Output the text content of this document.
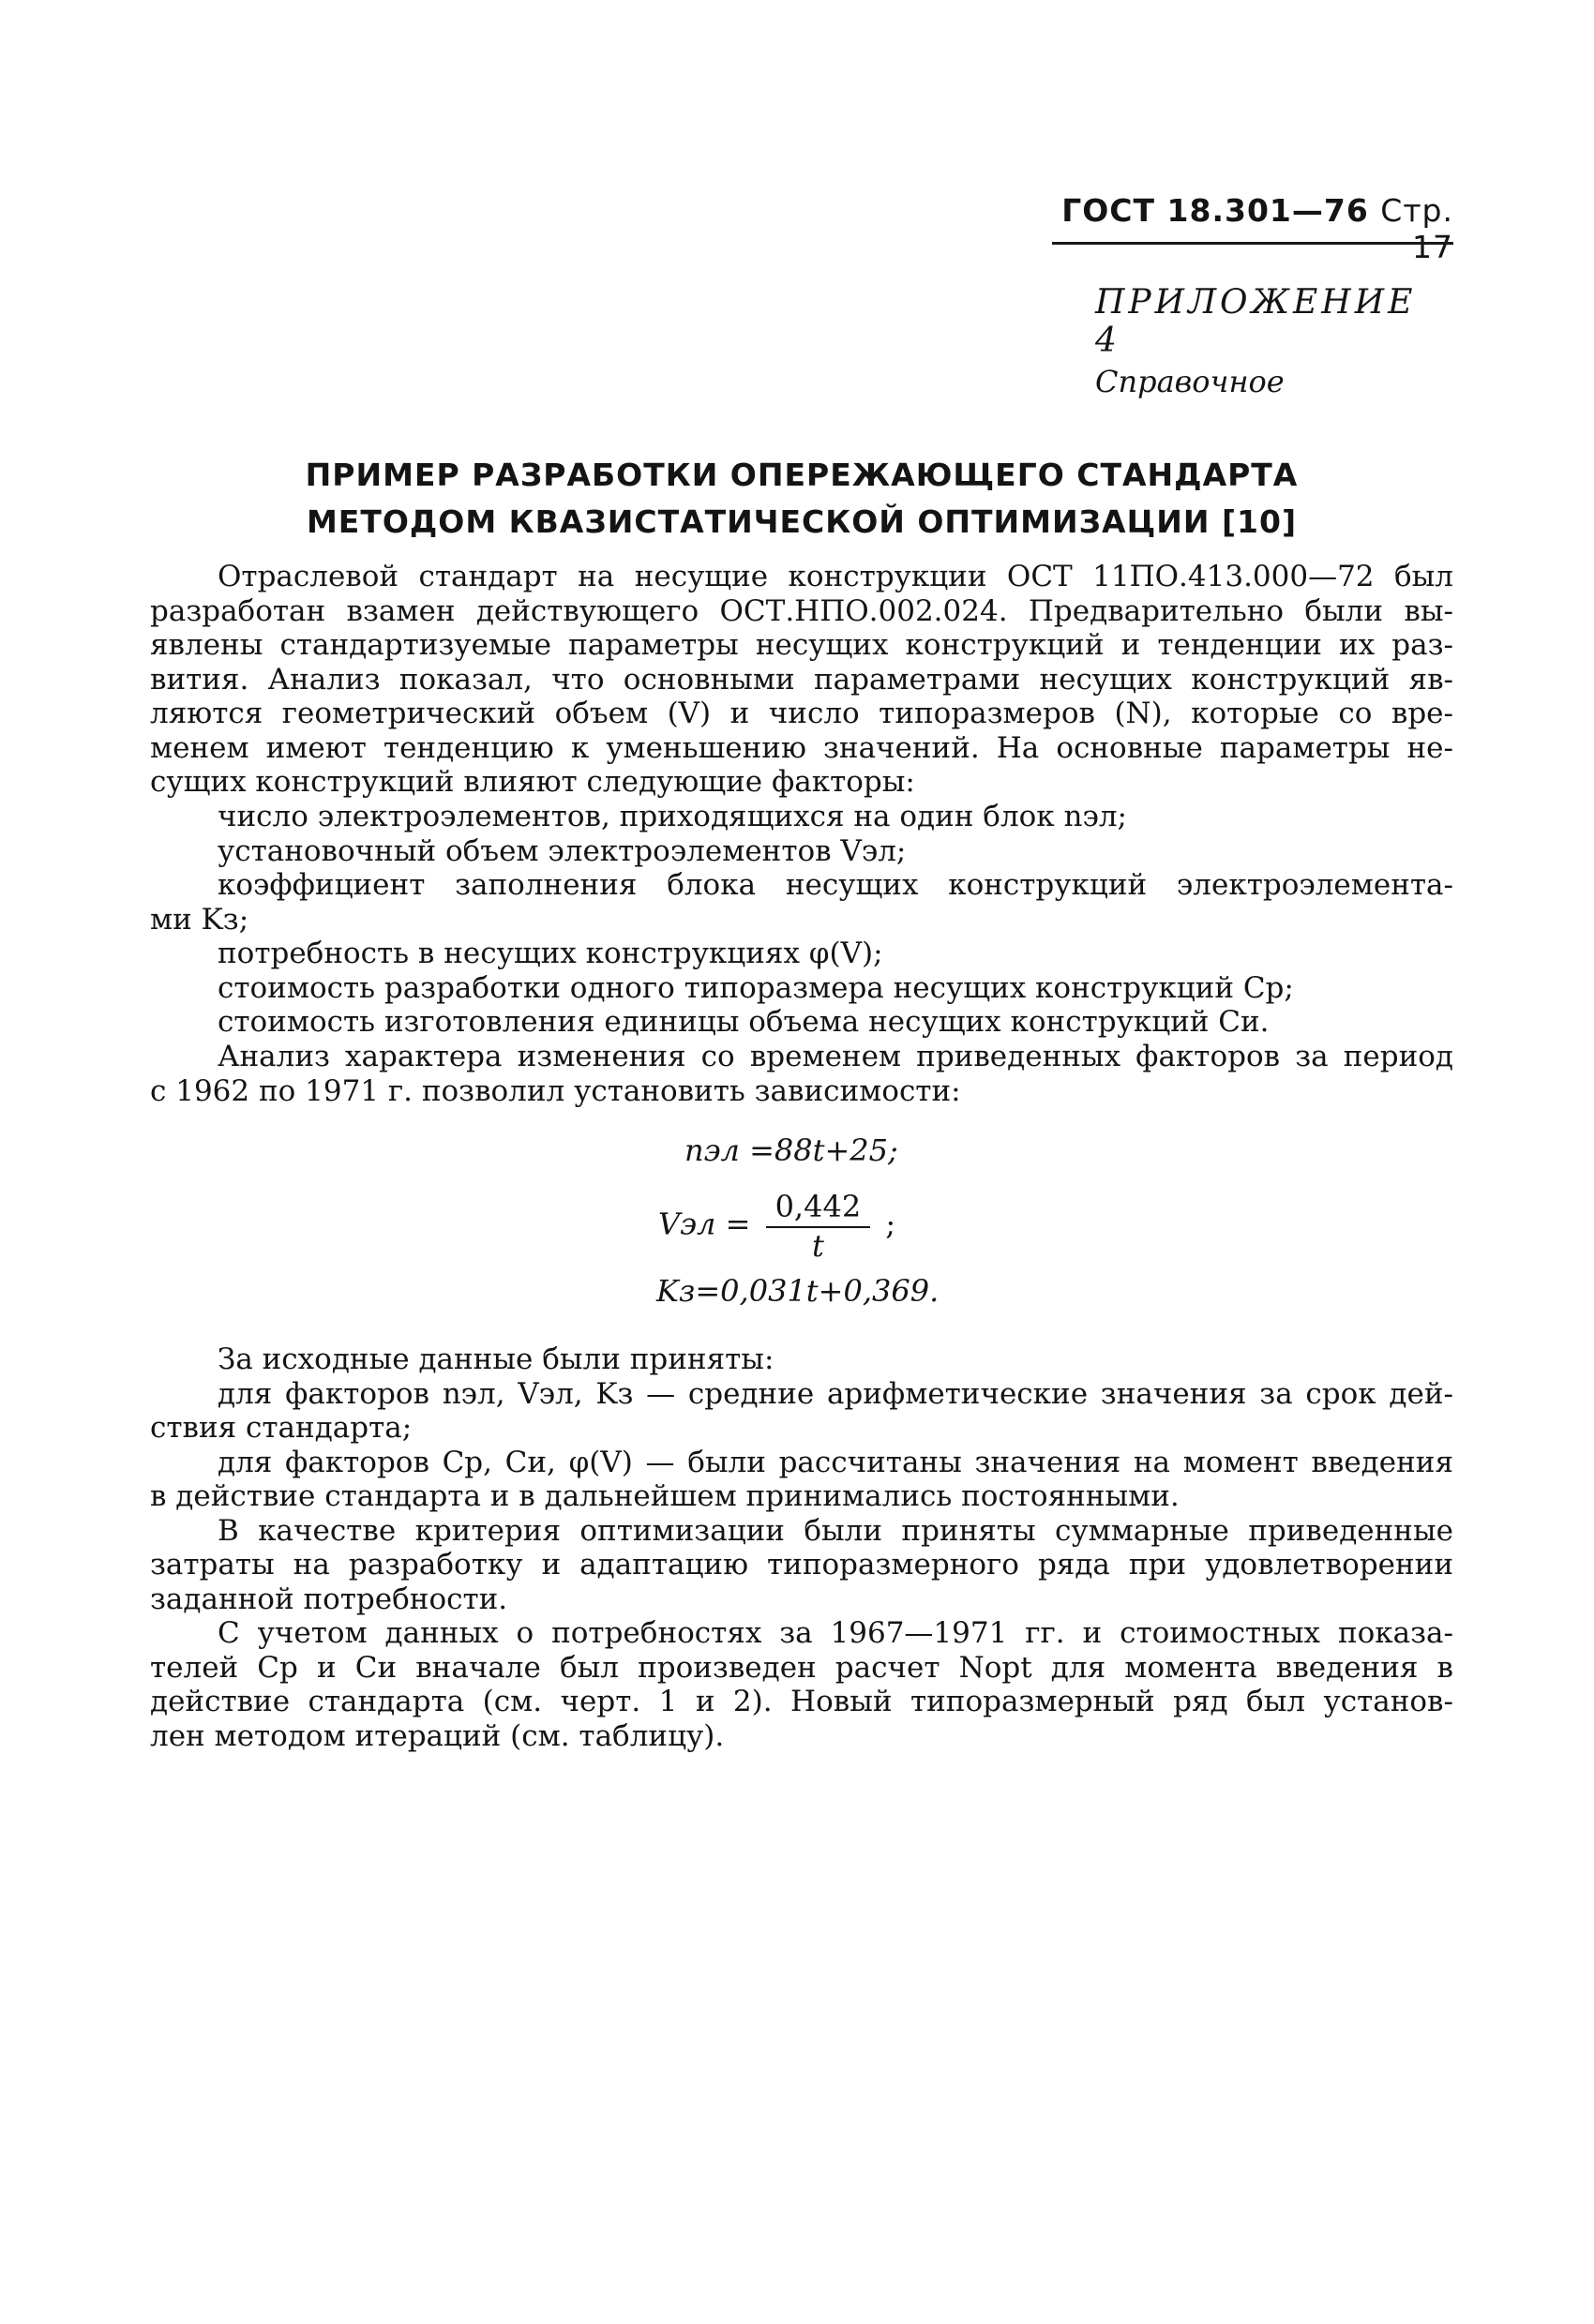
ГОСТ 18.301—76 Стр. 17
ПРИЛОЖЕНИЕ 4
Справочное
ПРИМЕР РАЗРАБОТКИ ОПЕРЕЖАЮЩЕГО СТАНДАРТА
МЕТОДОМ КВАЗИСТАТИЧЕСКОЙ ОПТИМИЗАЦИИ [10]
Отраслевой стандарт на несущие конструкции ОСТ 11ПО.413.000—72 был
разработан взамен действующего ОСТ.НПО.002.024. Предварительно были вы-
явлены стандартизуемые параметры несущих конструкций и тенденции их раз-
вития. Анализ показал, что основными параметрами несущих конструкций яв-
ляются геометрический объем (V) и число типоразмеров (N), которые со вре-
менем имеют тенденцию к уменьшению значений. На основные параметры не-
сущих конструкций влияют следующие факторы:
число электроэлементов, приходящихся на один блок nэл;
установочный объем электроэлементов Vэл;
коэффициент заполнения блока несущих конструкций электроэлемента-
ми Kз;
потребность в несущих конструкциях φ(V);
стоимость разработки одного типоразмера несущих конструкций Cр;
стоимость изготовления единицы объема несущих конструкций Cи.
Анализ характера изменения со временем приведенных факторов за период
с 1962 по 1971 г. позволил установить зависимости:
nэл =88t+25;
Vэл = $\frac{0,442}{t}$ ;
Kз=0,031t+0,369.
За исходные данные были приняты:
для факторов nэл, Vэл, Kз — средние арифметические значения за срок дей-
ствия стандарта;
для факторов Cр, Cи, φ(V) — были рассчитаны значения на момент введения
в действие стандарта и в дальнейшем принимались постоянными.
В качестве критерия оптимизации были приняты суммарные приведенные
затраты на разработку и адаптацию типоразмерного ряда при удовлетворении
заданной потребности.
С учетом данных о потребностях за 1967—1971 гг. и стоимостных показа-
телей Cр и Cи вначале был произведен расчет Nopt для момента введения в
действие стандарта (см. черт. 1 и 2). Новый типоразмерный ряд был установ-
лен методом итераций (см. таблицу).
